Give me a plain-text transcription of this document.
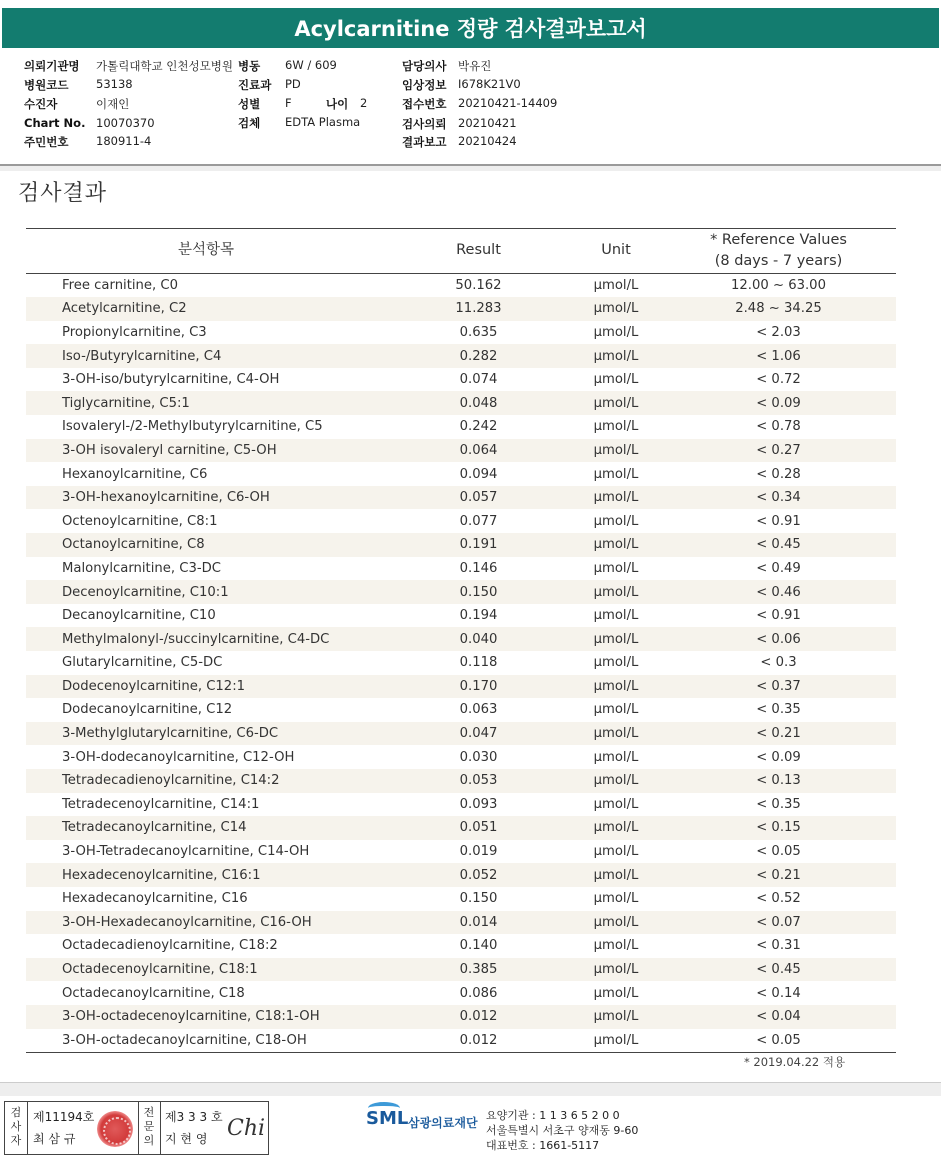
Acylcarnitine 정량 검사결과보고서
의뢰기관명 가톨릭대학교 인천성모병원
병원코드 53138
수진자	이재인
Chart No. 10070370
주민번호 180911-4
병동 6W / 609
진료과 PD
성별 F	나이 2
검체 EDTA Plasma
담당의사 박유진
임상정보 I678K21V0
접수번호 20210421-14409
검사의뢰 20210421
결과보고 20210424
검사결과
분석항목	Result	Unit	* Reference Values
(8 days - 7 years)

Free carnitine, C0	50.162	μmol/L	12.00 ~ 63.00
Acetylcarnitine, C2	11.283	μmol/L	2.48 ~ 34.25
Propionylcarnitine, C3	0.635	μmol/L	< 2.03
Iso-/Butyrylcarnitine, C4	0.282	μmol/L	< 1.06
3-OH-iso/butyrylcarnitine, C4-OH	0.074	μmol/L	< 0.72
Tiglycarnitine, C5:1	0.048	μmol/L	< 0.09
Isovaleryl-/2-Methylbutyrylcarnitine, C5	0.242	μmol/L	< 0.78
3-OH isovaleryl carnitine, C5-OH	0.064	μmol/L	< 0.27
Hexanoylcarnitine, C6	0.094	μmol/L	< 0.28
3-OH-hexanoylcarnitine, C6-OH	0.057	μmol/L	< 0.34
Octenoylcarnitine, C8:1	0.077	μmol/L	< 0.91
Octanoylcarnitine, C8	0.191	μmol/L	< 0.45
Malonylcarnitine, C3-DC	0.146	μmol/L	< 0.49
Decenoylcarnitine, C10:1	0.150	μmol/L	< 0.46
Decanoylcarnitine, C10	0.194	μmol/L	< 0.91
Methylmalonyl-/succinylcarnitine, C4-DC	0.040	μmol/L	< 0.06
Glutarylcarnitine, C5-DC	0.118	μmol/L	< 0.3
Dodecenoylcarnitine, C12:1	0.170	μmol/L	< 0.37
Dodecanoylcarnitine, C12	0.063	μmol/L	< 0.35
3-Methylglutarylcarnitine, C6-DC	0.047	μmol/L	< 0.21
3-OH-dodecanoylcarnitine, C12-OH	0.030	μmol/L	< 0.09
Tetradecadienoylcarnitine, C14:2	0.053	μmol/L	< 0.13
Tetradecenoylcarnitine, C14:1	0.093	μmol/L	< 0.35
Tetradecanoylcarnitine, C14	0.051	μmol/L	< 0.15
3-OH-Tetradecanoylcarnitine, C14-OH	0.019	μmol/L	< 0.05
Hexadecenoylcarnitine, C16:1	0.052	μmol/L	< 0.21
Hexadecanoylcarnitine, C16	0.150	μmol/L	< 0.52
3-OH-Hexadecanoylcarnitine, C16-OH	0.014	μmol/L	< 0.07
Octadecadienoylcarnitine, C18:2	0.140	μmol/L	< 0.31
Octadecenoylcarnitine, C18:1	0.385	μmol/L	< 0.45
Octadecanoylcarnitine, C18	0.086	μmol/L	< 0.14
3-OH-octadecenoylcarnitine, C18:1-OH	0.012	μmol/L	< 0.04
3-OH-octadecanoylcarnitine, C18-OH	0.012	μmol/L	< 0.05
* 2019.04.22 적용
검사자
제11194호
최 삼 규
전문의
제3 3 3 호
지 현 영 Chi	SML 삼광의료재단
요양기관 : 1 1 3 6 5 2 0 0
서울특별시 서초구 양재동 9-60
대표번호 : 1661-5117
